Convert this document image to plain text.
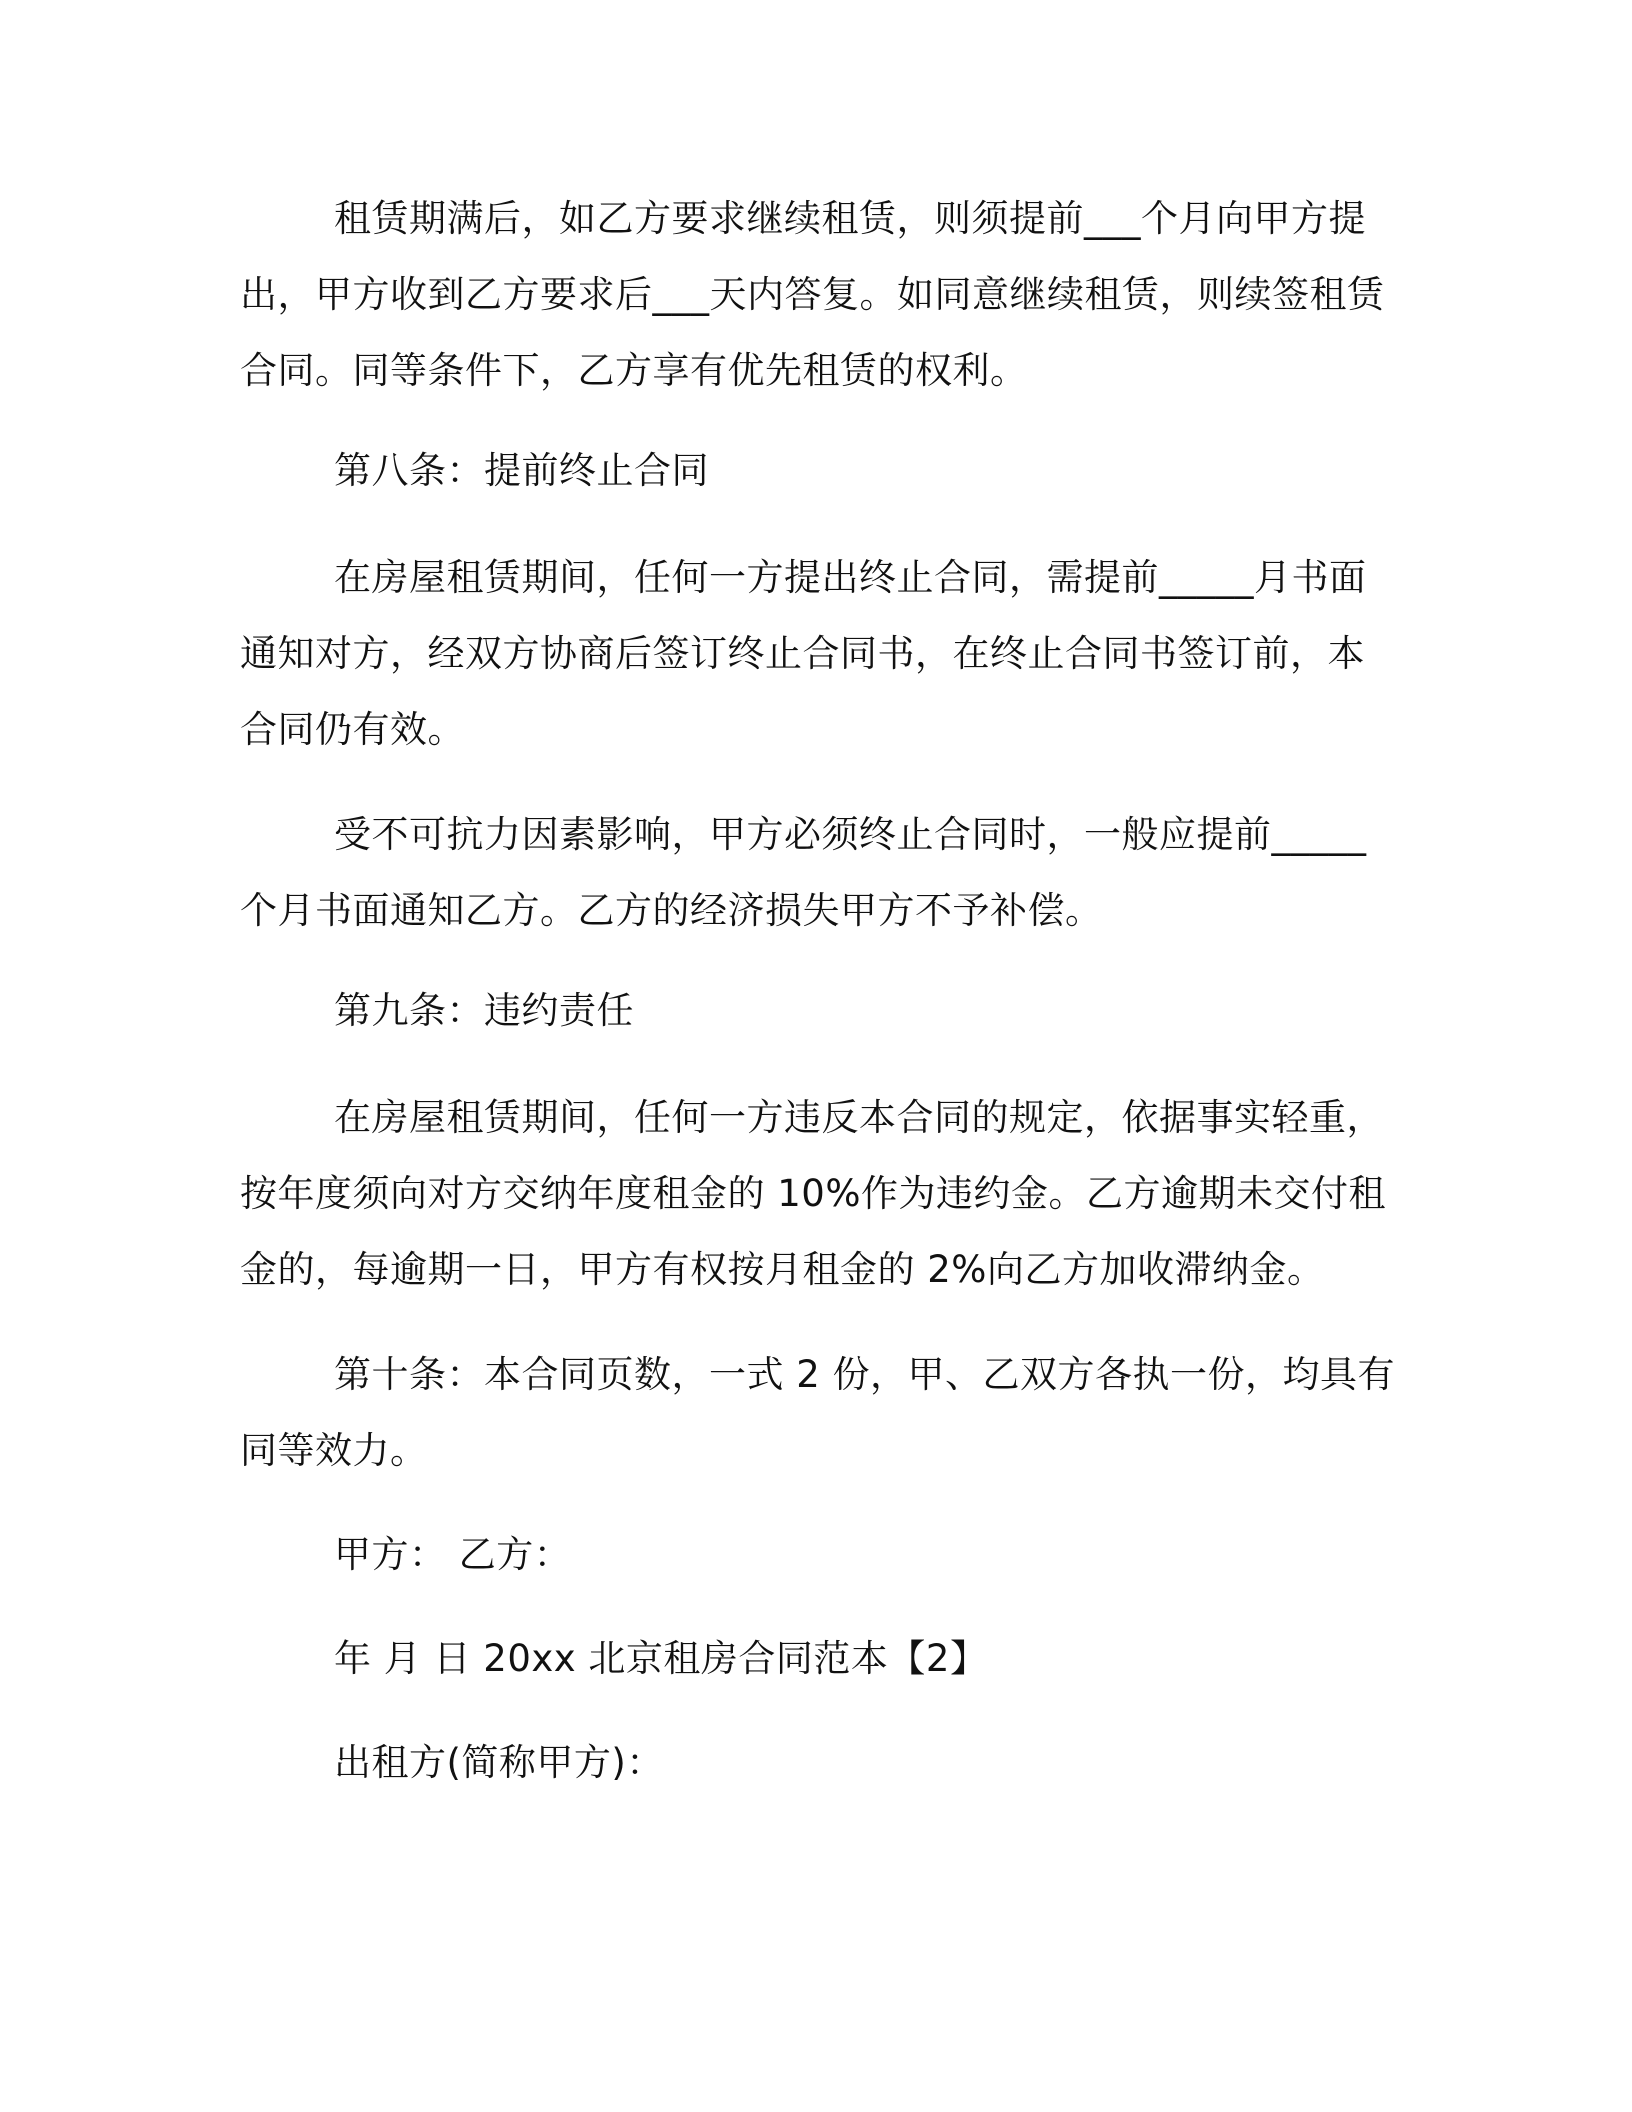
租赁期满后，如乙方要求继续租赁，则须提前___个月向甲方提
出，甲方收到乙方要求后___天内答复。如同意继续租赁，则续签租赁
合同。同等条件下，乙方享有优先租赁的权利。
第八条：提前终止合同
在房屋租赁期间，任何一方提出终止合同，需提前_____月书面
通知对方，经双方协商后签订终止合同书，在终止合同书签订前，本
合同仍有效。
受不可抗力因素影响，甲方必须终止合同时，一般应提前_____
个月书面通知乙方。乙方的经济损失甲方不予补偿。
第九条：违约责任
在房屋租赁期间，任何一方违反本合同的规定，依据事实轻重，
按年度须向对方交纳年度租金的 10%作为违约金。乙方逾期未交付租
金的，每逾期一日，甲方有权按月租金的 2%向乙方加收滞纳金。
第十条：本合同页数，一式 2 份，甲、乙双方各执一份，均具有
同等效力。
甲方： 乙方：
年 月 日 20xx 北京租房合同范本【2】
出租方(简称甲方)：
